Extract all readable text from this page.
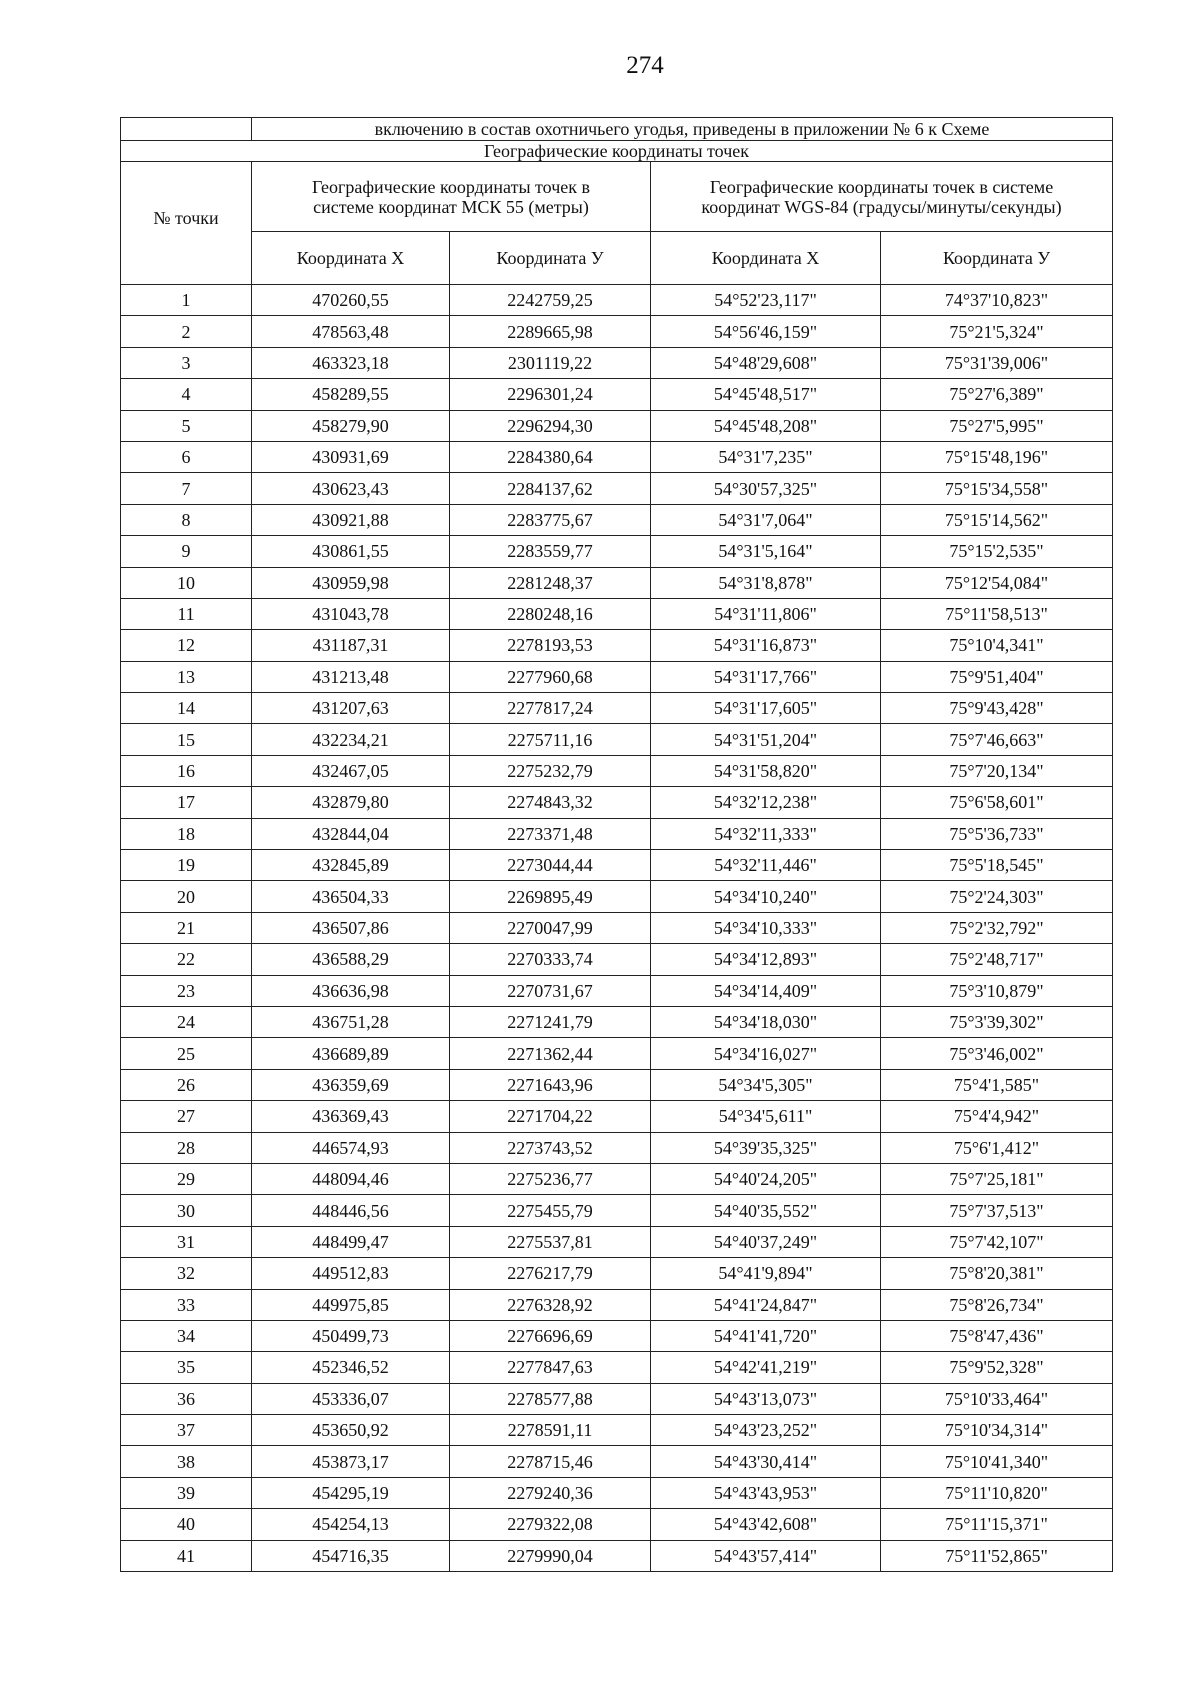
274
	включению в состав охотничьего угодья, приведены в приложении № 6 к Схеме			
Географические координаты точек				
№ точки	Географические координаты точек в системе координат МСК 55 (метры)		Географические координаты точек в системе координат WGS-84 (градусы/минуты/секунды)	
	Координата X	Координата У	Координата X	Координата У
1	470260,55	2242759,25	54°52'23,117"	74°37'10,823"
2	478563,48	2289665,98	54°56'46,159"	75°21'5,324"
3	463323,18	2301119,22	54°48'29,608"	75°31'39,006"
4	458289,55	2296301,24	54°45'48,517"	75°27'6,389"
5	458279,90	2296294,30	54°45'48,208"	75°27'5,995"
6	430931,69	2284380,64	54°31'7,235"	75°15'48,196"
7	430623,43	2284137,62	54°30'57,325"	75°15'34,558"
8	430921,88	2283775,67	54°31'7,064"	75°15'14,562"
9	430861,55	2283559,77	54°31'5,164"	75°15'2,535"
10	430959,98	2281248,37	54°31'8,878"	75°12'54,084"
11	431043,78	2280248,16	54°31'11,806"	75°11'58,513"
12	431187,31	2278193,53	54°31'16,873"	75°10'4,341"
13	431213,48	2277960,68	54°31'17,766"	75°9'51,404"
14	431207,63	2277817,24	54°31'17,605"	75°9'43,428"
15	432234,21	2275711,16	54°31'51,204"	75°7'46,663"
16	432467,05	2275232,79	54°31'58,820"	75°7'20,134"
17	432879,80	2274843,32	54°32'12,238"	75°6'58,601"
18	432844,04	2273371,48	54°32'11,333"	75°5'36,733"
19	432845,89	2273044,44	54°32'11,446"	75°5'18,545"
20	436504,33	2269895,49	54°34'10,240"	75°2'24,303"
21	436507,86	2270047,99	54°34'10,333"	75°2'32,792"
22	436588,29	2270333,74	54°34'12,893"	75°2'48,717"
23	436636,98	2270731,67	54°34'14,409"	75°3'10,879"
24	436751,28	2271241,79	54°34'18,030"	75°3'39,302"
25	436689,89	2271362,44	54°34'16,027"	75°3'46,002"
26	436359,69	2271643,96	54°34'5,305"	75°4'1,585"
27	436369,43	2271704,22	54°34'5,611"	75°4'4,942"
28	446574,93	2273743,52	54°39'35,325"	75°6'1,412"
29	448094,46	2275236,77	54°40'24,205"	75°7'25,181"
30	448446,56	2275455,79	54°40'35,552"	75°7'37,513"
31	448499,47	2275537,81	54°40'37,249"	75°7'42,107"
32	449512,83	2276217,79	54°41'9,894"	75°8'20,381"
33	449975,85	2276328,92	54°41'24,847"	75°8'26,734"
34	450499,73	2276696,69	54°41'41,720"	75°8'47,436"
35	452346,52	2277847,63	54°42'41,219"	75°9'52,328"
36	453336,07	2278577,88	54°43'13,073"	75°10'33,464"
37	453650,92	2278591,11	54°43'23,252"	75°10'34,314"
38	453873,17	2278715,46	54°43'30,414"	75°10'41,340"
39	454295,19	2279240,36	54°43'43,953"	75°11'10,820"
40	454254,13	2279322,08	54°43'42,608"	75°11'15,371"
41	454716,35	2279990,04	54°43'57,414"	75°11'52,865"
